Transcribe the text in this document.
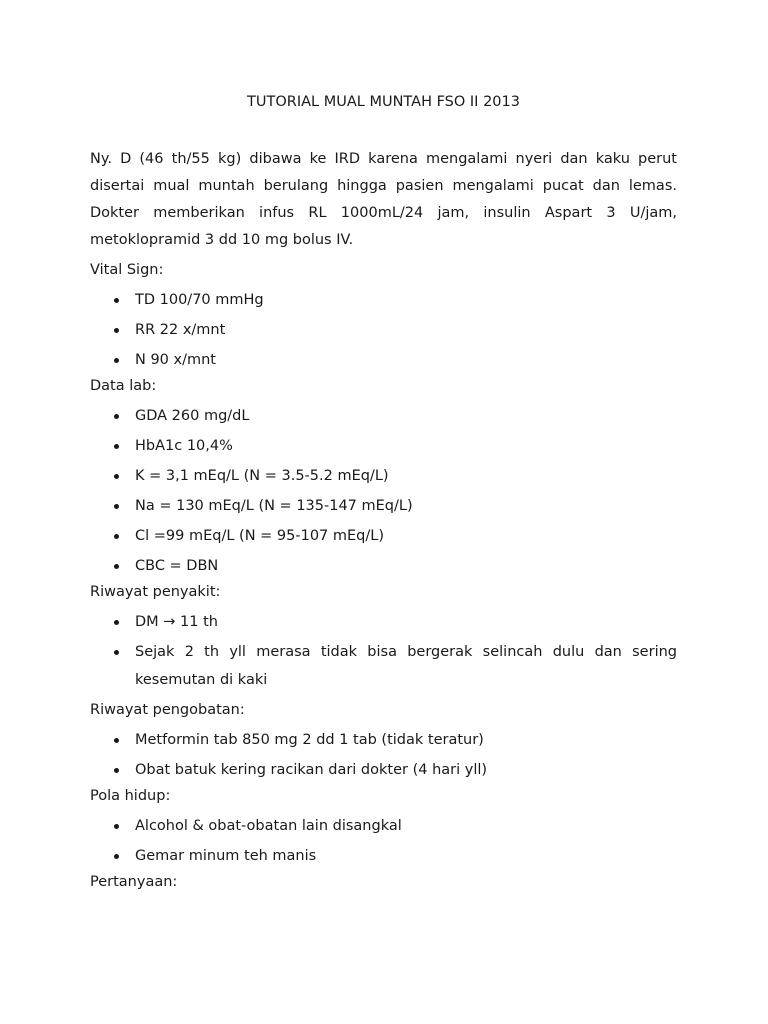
TUTORIAL MUAL MUNTAH FSO II 2013

Ny. D (46 th/55 kg) dibawa ke IRD karena mengalami nyeri dan kaku perut disertai mual muntah berulang hingga pasien mengalami pucat dan lemas. Dokter memberikan infus RL 1000mL/24 jam, insulin Aspart 3 U/jam, metoklopramid 3 dd 10 mg bolus IV.

Vital Sign:
TD 100/70 mmHg
RR 22 x/mnt
N 90 x/mnt
Data lab:
GDA 260 mg/dL
HbA1c 10,4%
K = 3,1 mEq/L (N = 3.5-5.2 mEq/L)
Na = 130 mEq/L (N = 135-147 mEq/L)
Cl =99 mEq/L (N = 95-107 mEq/L)
CBC = DBN
Riwayat penyakit:
DM → 11 th
Sejak 2 th yll merasa tidak bisa bergerak selincah dulu dan sering kesemutan di kaki
Riwayat pengobatan:
Metformin tab 850 mg 2 dd 1 tab (tidak teratur)
Obat batuk kering racikan dari dokter (4 hari yll)
Pola hidup:
Alcohol & obat-obatan lain disangkal
Gemar minum teh manis
Pertanyaan:
